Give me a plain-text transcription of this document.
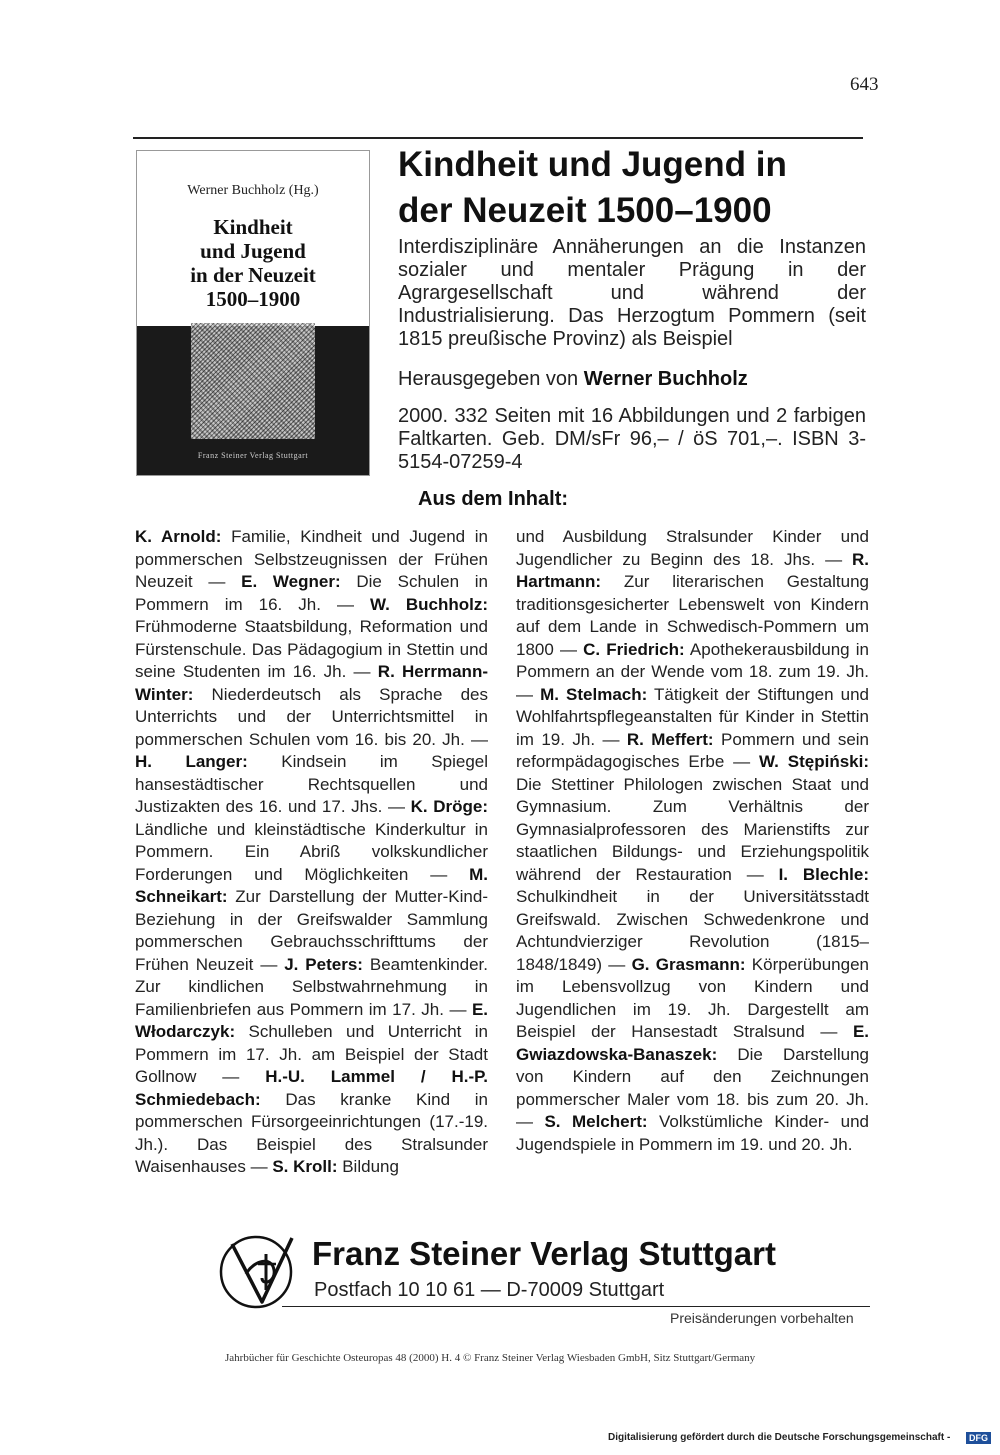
643
Werner Buchholz (Hg.)
Kindheit
und Jugend
in der Neuzeit
1500–1900
Franz Steiner Verlag Stuttgart
Kindheit und Jugend in
der Neuzeit 1500–1900
Interdisziplinäre Annäherungen an die Instanzen sozialer und mentaler Prägung in der Agrargesellschaft und während der Industrialisierung. Das Herzogtum Pommern (seit 1815 preußische Provinz) als Beispiel
Herausgegeben von Werner Buchholz
2000. 332 Seiten mit 16 Abbildungen und 2 farbigen Faltkarten. Geb. DM/sFr 96,– / öS 701,–. ISBN 3-5154-07259-4
Aus dem Inhalt:
K. Arnold: Familie, Kindheit und Jugend in pommerschen Selbstzeugnissen der Frühen Neuzeit — E. Wegner: Die Schulen in Pommern im 16. Jh. — W. Buchholz: Frühmoderne Staatsbildung, Reformation und Fürstenschule. Das Pädagogium in Stettin und seine Studenten im 16. Jh. — R. Herrmann-Winter: Niederdeutsch als Sprache des Unterrichts und der Unterrichtsmittel in pommerschen Schulen vom 16. bis 20. Jh. — H. Langer: Kindsein im Spiegel hansestädtischer Rechtsquellen und Justizakten des 16. und 17. Jhs. — K. Dröge: Ländliche und kleinstädtische Kinderkultur in Pommern. Ein Abriß volkskundlicher Forderungen und Möglichkeiten — M. Schneikart: Zur Darstellung der Mutter-Kind-Beziehung in der Greifswalder Sammlung pommerschen Gebrauchsschrifttums der Frühen Neuzeit — J. Peters: Beamtenkinder. Zur kindlichen Selbstwahrnehmung in Familienbriefen aus Pommern im 17. Jh. — E. Włodarczyk: Schulleben und Unterricht in Pommern im 17. Jh. am Beispiel der Stadt Gollnow — H.-U. Lammel / H.-P. Schmiedebach: Das kranke Kind in pommerschen Fürsorgeeinrichtungen (17.-19. Jh.). Das Beispiel des Stralsunder Waisenhauses — S. Kroll: Bildung
und Ausbildung Stralsunder Kinder und Jugendlicher zu Beginn des 18. Jhs. — R. Hartmann: Zur literarischen Gestaltung traditionsgesicherter Lebenswelt von Kindern auf dem Lande in Schwedisch-Pommern um 1800 — C. Friedrich: Apothekerausbildung in Pommern an der Wende vom 18. zum 19. Jh. — M. Stelmach: Tätigkeit der Stiftungen und Wohlfahrtspflegeanstalten für Kinder in Stettin im 19. Jh. — R. Meffert: Pommern und sein reformpädagogisches Erbe — W. Stępiński: Die Stettiner Philologen zwischen Staat und Gymnasium. Zum Verhältnis der Gymnasialprofessoren des Marienstifts zur staatlichen Bildungs- und Erziehungspolitik während der Restauration — I. Blechle: Schulkindheit in der Universitätsstadt Greifswald. Zwischen Schwedenkrone und Achtundvierziger Revolution (1815–1848/1849) — G. Grasmann: Körperübungen im Lebensvollzug von Kindern und Jugendlichen im 19. Jh. Dargestellt am Beispiel der Hansestadt Stralsund — E. Gwiazdowska-Banaszek: Die Darstellung von Kindern auf den Zeichnungen pommerscher Maler vom 18. bis zum 20. Jh. — S. Melchert: Volkstümliche Kinder- und Jugendspiele in Pommern im 19. und 20. Jh.
Franz Steiner Verlag Stuttgart
Postfach 10 10 61 — D-70009 Stuttgart
Preisänderungen vorbehalten
Jahrbücher für Geschichte Osteuropas 48 (2000) H. 4 © Franz Steiner Verlag Wiesbaden GmbH, Sitz Stuttgart/Germany
Digitalisierung gefördert durch die Deutsche Forschungsgemeinschaft -	DFG
